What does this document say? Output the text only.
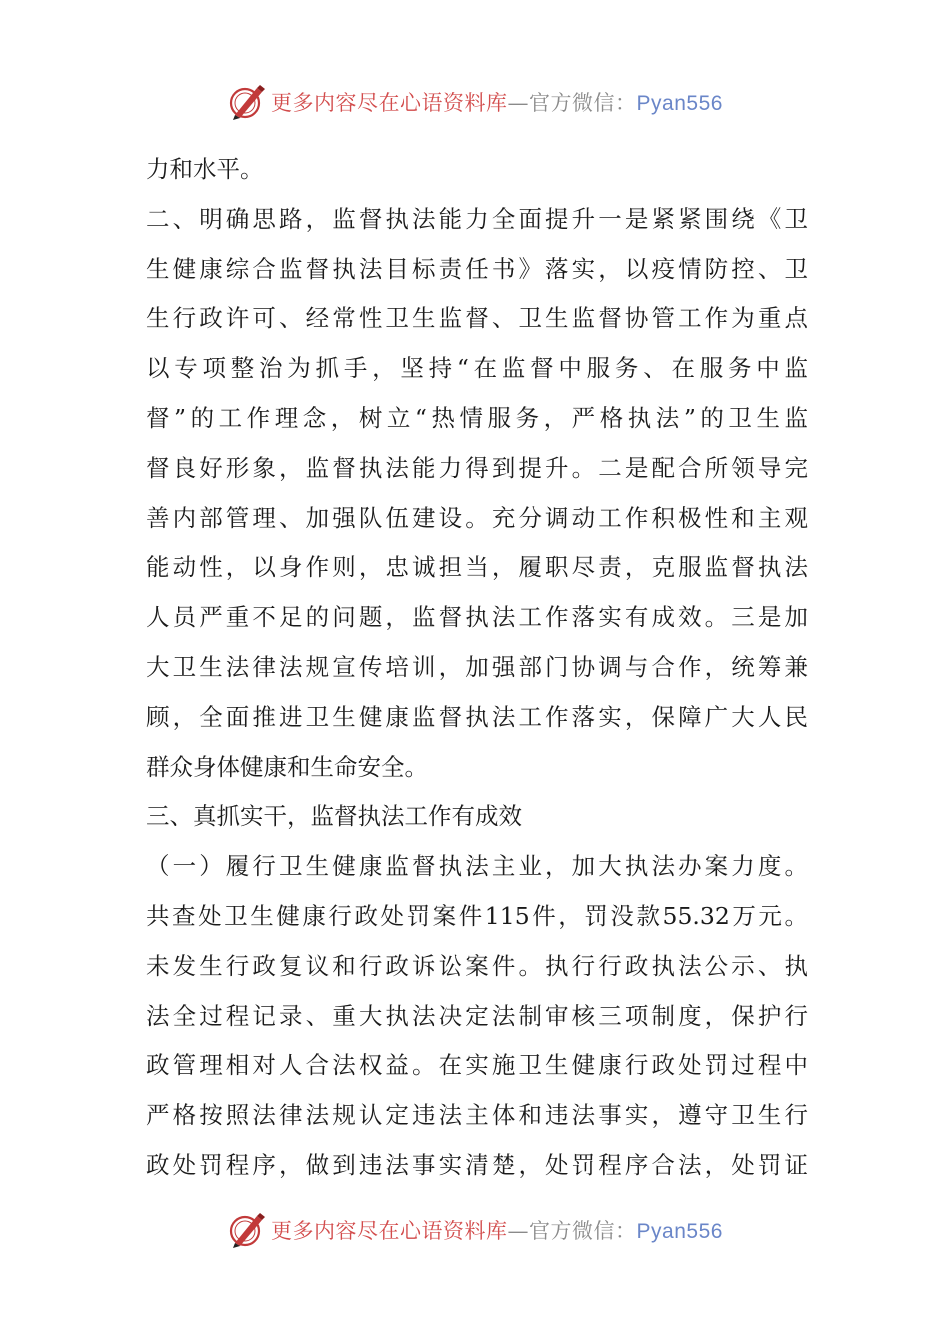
更多内容尽在心语资料库—官方微信：Pyan556
力和水平。
二、明确思路，监督执法能力全面提升一是紧紧围绕《卫
生健康综合监督执法目标责任书》落实，以疫情防控、卫
生行政许可、经常性卫生监督、卫生监督协管工作为重点
以专项整治为抓手，坚持“在监督中服务、在服务中监
督”的工作理念，树立“热情服务，严格执法”的卫生监
督良好形象，监督执法能力得到提升。二是配合所领导完
善内部管理、加强队伍建设。充分调动工作积极性和主观
能动性，以身作则，忠诚担当，履职尽责，克服监督执法
人员严重不足的问题，监督执法工作落实有成效。三是加
大卫生法律法规宣传培训，加强部门协调与合作，统筹兼
顾，全面推进卫生健康监督执法工作落实，保障广大人民
群众身体健康和生命安全。
三、真抓实干，监督执法工作有成效
（一）履行卫生健康监督执法主业，加大执法办案力度。
共查处卫生健康行政处罚案件115件，罚没款55.32万元。
未发生行政复议和行政诉讼案件。执行行政执法公示、执
法全过程记录、重大执法决定法制审核三项制度，保护行
政管理相对人合法权益。在实施卫生健康行政处罚过程中
严格按照法律法规认定违法主体和违法事实，遵守卫生行
政处罚程序，做到违法事实清楚，处罚程序合法，处罚证
更多内容尽在心语资料库—官方微信：Pyan556
